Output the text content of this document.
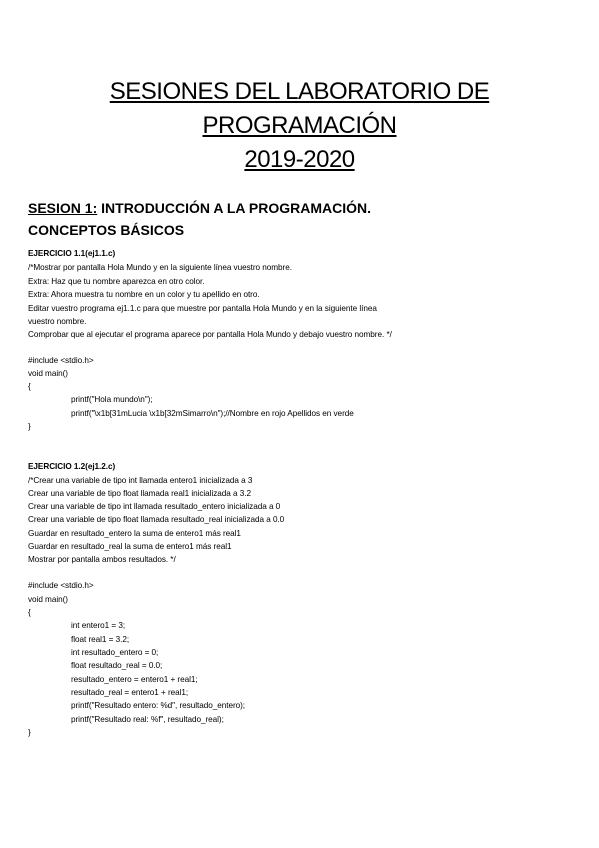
SESIONES DEL LABORATORIO DE
PROGRAMACIÓN
2019-2020
SESION 1: INTRODUCCIÓN A LA PROGRAMACIÓN.
CONCEPTOS BÁSICOS
EJERCICIO 1.1(ej1.1.c)
/*Mostrar por pantalla Hola Mundo y en la siguiente línea vuestro nombre.
Extra: Haz que tu nombre aparezca en otro color.
Extra: Ahora muestra tu nombre en un color y tu apellido en otro.
Editar vuestro programa ej1.1.c para que muestre por pantalla Hola Mundo y en la siguiente línea
vuestro nombre.
Comprobar que al ejecutar el programa aparece por pantalla Hola Mundo y debajo vuestro nombre. */
#include <stdio.h>
void main()
{
printf("Hola mundo\n");
printf("\x1b[31mLucia \x1b[32mSimarro\n");//Nombre en rojo Apellidos en verde
}
EJERCICIO 1.2(ej1.2.c)
/*Crear una variable de tipo int llamada entero1 inicializada a 3
Crear una variable de tipo float llamada real1 inicializada a 3.2
Crear una variable de tipo int llamada resultado_entero inicializada a 0
Crear una variable de tipo float llamada resultado_real inicializada a 0.0
Guardar en resultado_entero la suma de entero1 más real1
Guardar en resultado_real la suma de entero1 más real1
Mostrar por pantalla ambos resultados. */
#include <stdio.h>
void main()
{
int entero1 = 3;
float real1 = 3.2;
int resultado_entero = 0;
float resultado_real = 0.0;
resultado_entero = entero1 + real1;
resultado_real = entero1 + real1;
printf("Resultado entero: %d", resultado_entero);
printf("Resultado real: %f", resultado_real);
}
